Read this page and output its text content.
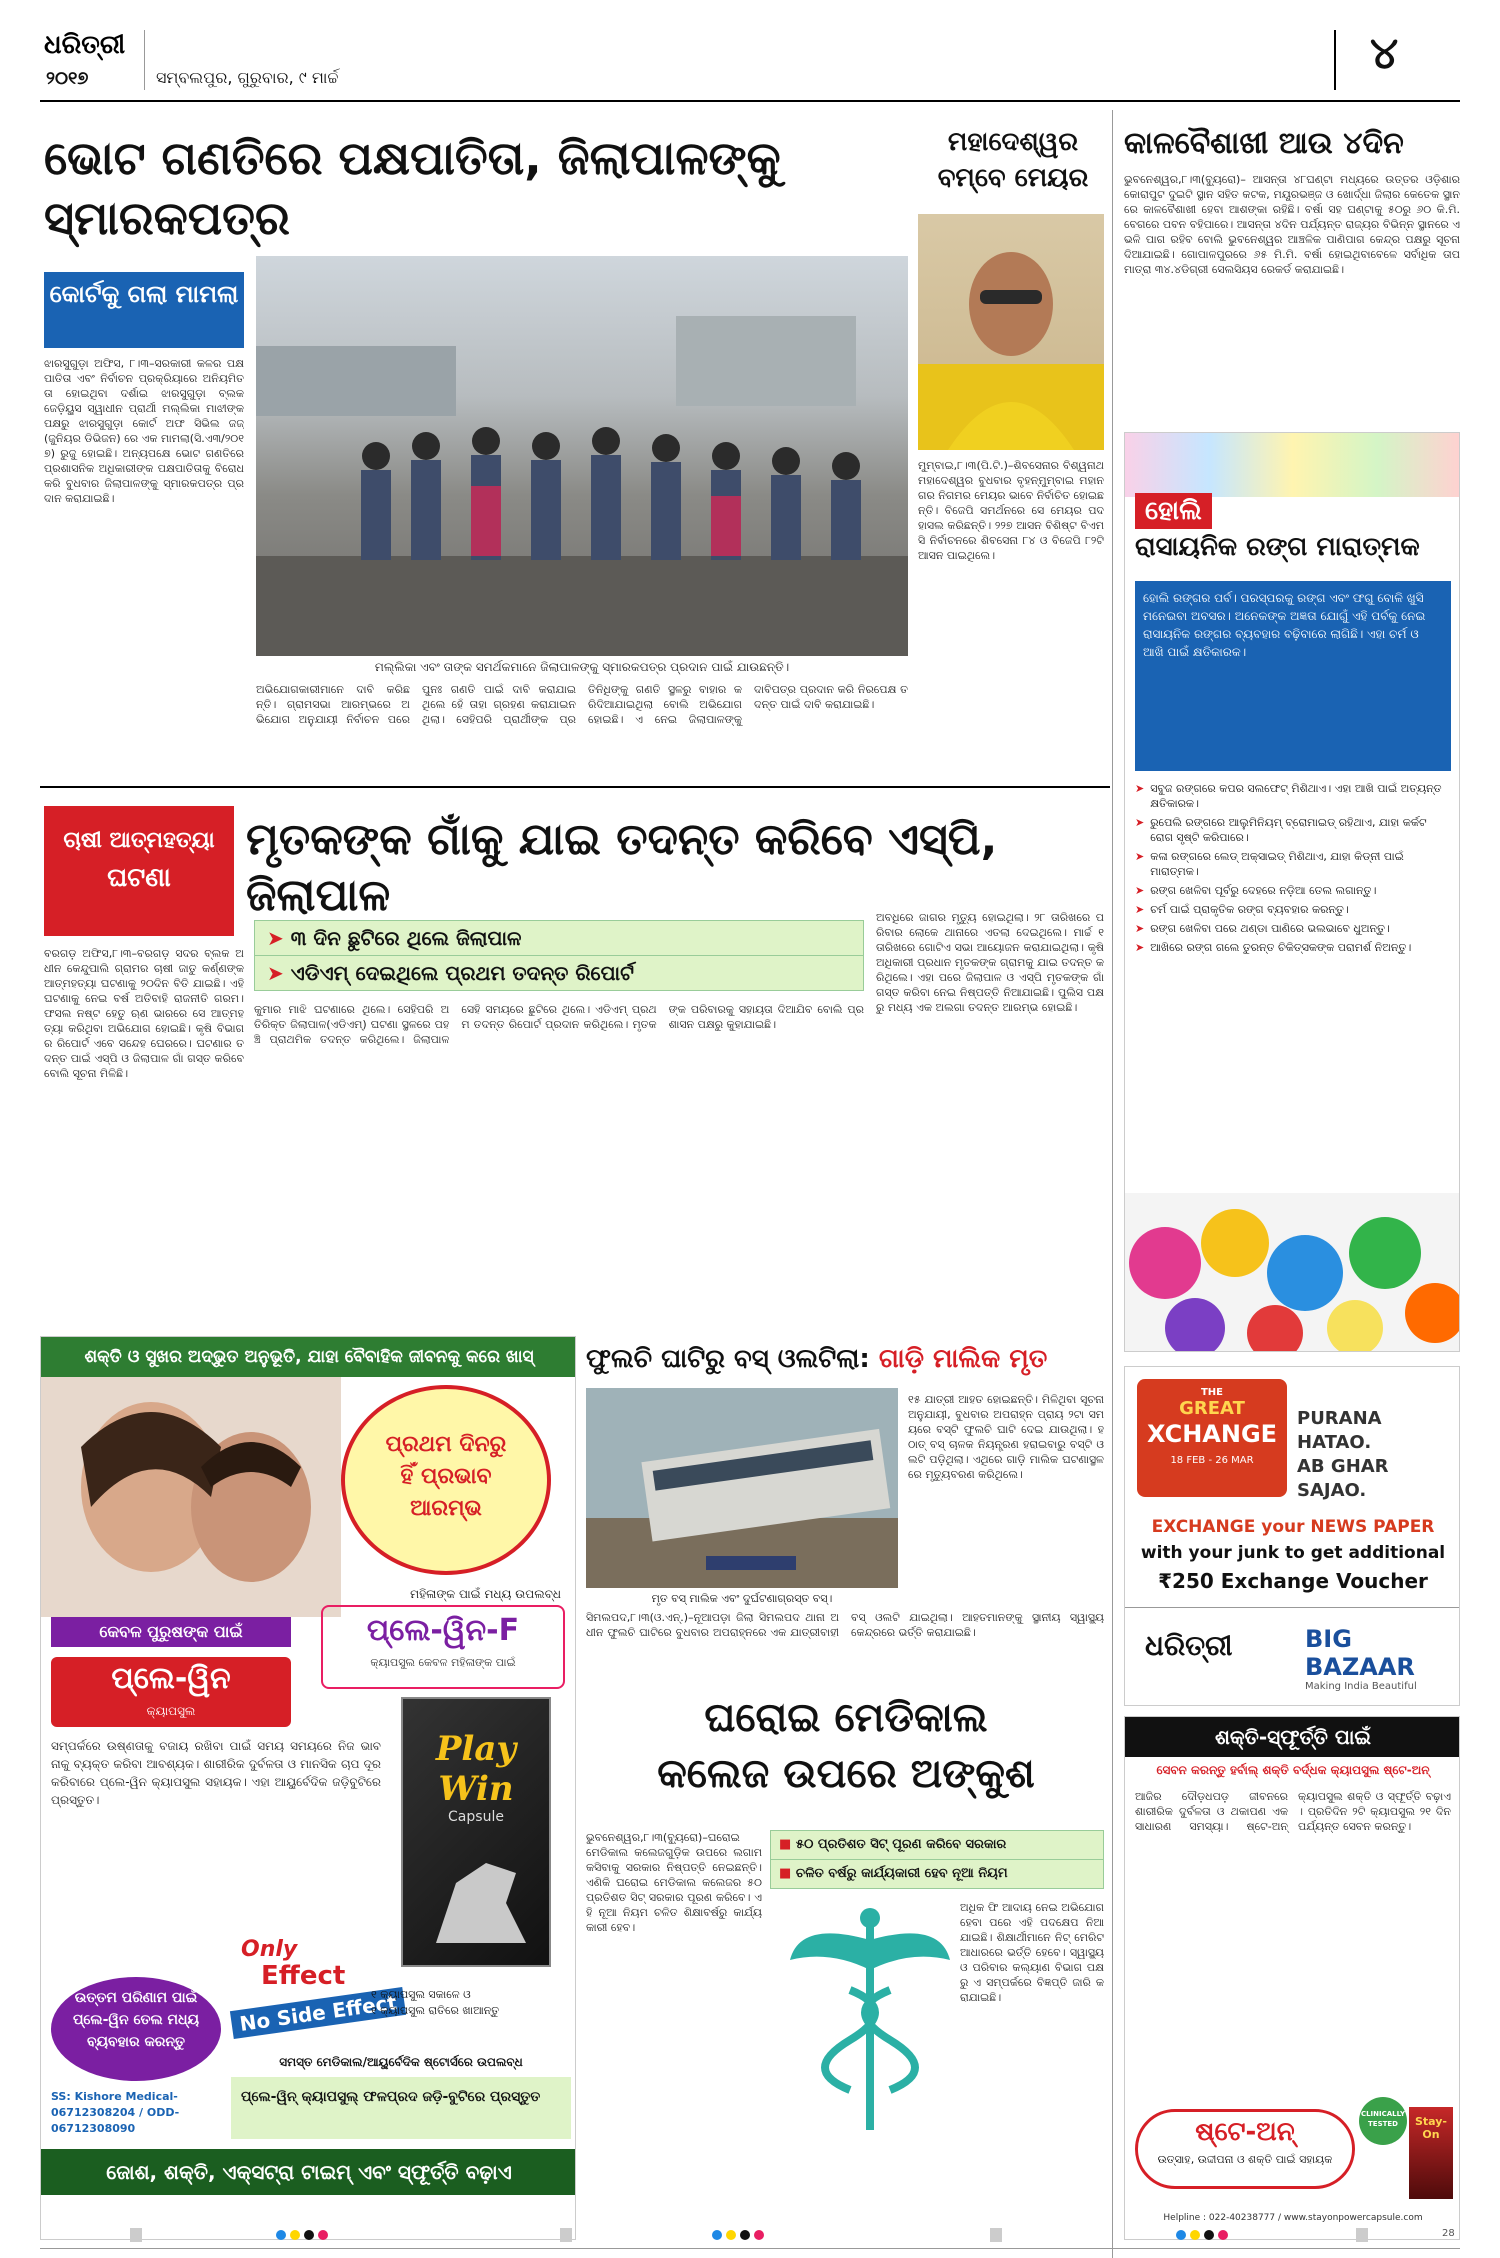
ଧରିତ୍ରୀ
୨୦୧୭	ସମ୍ବଲପୁର, ଗୁରୁବାର, ୯ ମାର୍ଚ୍ଚ	୪
ଭୋଟ ଗଣତିରେ ପକ୍ଷପାତିତା, ଜିଲାପାଳଙ୍କୁ ସ୍ମାରକପତ୍ର
କୋର୍ଟକୁ ଗଲା ମାମଲା
ମଲ୍ଲିକା ଏବଂ ତାଙ୍କ ସମର୍ଥକମାନେ ଜିଲାପାଳଙ୍କୁ ସ୍ମାରକପତ୍ର ପ୍ରଦାନ ପାଇଁ ଯାଉଛନ୍ତି।
ଝାରସୁଗୁଡ଼ା ଅଫିସ, ୮।୩–ସରକାରୀ କଳର ପକ୍ଷପାତିତା ଏବଂ ନିର୍ବାଚନ ପ୍ରକ୍ରିୟାରେ ଅନିୟମିତତା ହୋଇଥିବା ଦର୍ଶାଇ ଝାରସୁଗୁଡ଼ା ବ୍ଲକ ଜେଡ଼ିୟୁସ ସ୍ୱାଧୀନ ପ୍ରାର୍ଥୀ ମଲ୍ଲିକା ମାଝୀଙ୍କ ପକ୍ଷରୁ ଝାରସୁଗୁଡ଼ା କୋର୍ଟ ଅଫ ସିଭିଲ ଜଜ୍ (ଜୁନିୟର ଡିଭିଜନ) ରେ ଏକ ମାମଲା(ସି.ଏ୩/୨୦୧୭) ରୁଜୁ ହୋଇଛି। ଅନ୍ୟପକ୍ଷେ ଭୋଟ ଗଣତିରେ ପ୍ରଶାସନିକ ଅଧିକାରୀଙ୍କ ପକ୍ଷପାତିତାକୁ ବିରୋଧ କରି ବୁଧବାର ଜିଲାପାଳଙ୍କୁ ସ୍ମାରକପତ୍ର ପ୍ରଦାନ କରାଯାଇଛି।
ଅଭିଯୋଗକାରୀମାନେ ଦାବି କରିଛନ୍ତି। ଗ୍ରାମସଭା ଆରମ୍ଭରେ ଅଭିଯୋଗ ଅନୁଯାୟୀ ନିର୍ବାଚନ ପରେ ପୁନଃ ଗଣତି ପାଇଁ ଦାବି କରାଯାଇଥିଲେ ହେଁ ତାହା ଗ୍ରହଣ କରାଯାଇନଥିଲା। ସେହିପରି ପ୍ରାର୍ଥୀଙ୍କ ପ୍ରତିନିଧିଙ୍କୁ ଗଣତି ସ୍ଥଳରୁ ବାହାର କରିଦିଆଯାଇଥିଲା ବୋଲି ଅଭିଯୋଗ ହୋଇଛି। ଏ ନେଇ ଜିଲାପାଳଙ୍କୁ ଦାବିପତ୍ର ପ୍ରଦାନ କରି ନିରପେକ୍ଷ ତଦନ୍ତ ପାଇଁ ଦାବି କରାଯାଇଛି।
ମହାଦେଶ୍ୱର
ବମ୍ବେ ମେୟର
ମୁମ୍ବାଇ,୮।୩(ପି.ଟି.)–ଶିବସେନାର ବିଶ୍ୱନାଥ ମହାଦେଶ୍ୱର ବୁଧବାର ବୃହନ୍ମୁମ୍ବାଇ ମହାନଗର ନିଗମର ମେୟର ଭାବେ ନିର୍ବାଚିତ ହୋଇଛନ୍ତି। ବିଜେପି ସମର୍ଥନରେ ସେ ମେୟର ପଦ ହାସଲ କରିଛନ୍ତି। ୨୨୭ ଆସନ ବିଶିଷ୍ଟ ବିଏମସି ନିର୍ବାଚନରେ ଶିବସେନା ୮୪ ଓ ବିଜେପି ୮୨ଟି ଆସନ ପାଇଥିଲେ।
କାଳବୈଶାଖୀ ଆଉ ୪ଦିନ
ଭୁବନେଶ୍ୱର,୮।୩(ବ୍ୟୁରୋ)– ଆସନ୍ତା ୪୮ଘଣ୍ଟା ମଧ୍ୟରେ ଉତ୍ତର ଓଡ଼ିଶାର କୋରାପୁଟ ଦୁଇଟି ସ୍ଥାନ ସହିତ କଟକ, ମୟୂରଭଞ୍ଜ ଓ ଖୋର୍ଦ୍ଧା ଜିଲାର କେତେକ ସ୍ଥାନରେ କାଳବୈଶାଖୀ ହେବା ଆଶଙ୍କା ରହିଛି। ବର୍ଷା ସହ ଘଣ୍ଟାକୁ ୫୦ରୁ ୬୦ କି.ମି. ବେଗରେ ପବନ ବହିପାରେ। ଆସନ୍ତା ୪ଦିନ ପର୍ଯ୍ୟନ୍ତ ରାଜ୍ୟର ବିଭିନ୍ନ ସ୍ଥାନରେ ଏଭଳି ପାଗ ରହିବ ବୋଲି ଭୁବନେଶ୍ୱର ଆଞ୍ଚଳିକ ପାଣିପାଗ କେନ୍ଦ୍ର ପକ୍ଷରୁ ସୂଚନା ଦିଆଯାଇଛି। ଗୋପାଳପୁରରେ ୬୫ ମି.ମି. ବର୍ଷା ହୋଇଥିବାବେଳେ ସର୍ବାଧିକ ତାପମାତ୍ରା ୩୪.୪ଡିଗ୍ରୀ ସେଲସିୟସ ରେକର୍ଡ କରାଯାଇଛି।
ହୋଲି
ରାସାୟନିକ ରଙ୍ଗ ମାରାତ୍ମକ
ହୋଲି ରଙ୍ଗର ପର୍ବ। ପରସ୍ପରକୁ ରଙ୍ଗ ଏବଂ ଫଗୁ ବୋଳି ଖୁସି ମନେଇବା ଅବସର। ଅନେକଙ୍କ ଅଜ୍ଞତା ଯୋଗୁଁ ଏହି ପର୍ବକୁ ନେଇ ରାସାୟନିକ ରଙ୍ଗର ବ୍ୟବହାର ବଢ଼ିବାରେ ଲାଗିଛି। ଏହା ଚର୍ମ ଓ ଆଖି ପାଇଁ କ୍ଷତିକାରକ।
➤ ସବୁଜ ରଙ୍ଗରେ କପର ସଲଫେଟ୍ ମିଶିଥାଏ। ଏହା ଆଖି ପାଇଁ ଅତ୍ୟନ୍ତ କ୍ଷତିକାରକ।
➤ ରୁପେଲି ରଙ୍ଗରେ ଆଲୁମିନିୟମ୍ ବ୍ରୋମାଇଡ୍ ରହିଥାଏ, ଯାହା କର୍କଟ ରୋଗ ସୃଷ୍ଟି କରିପାରେ।
➤ କଳା ରଙ୍ଗରେ ଲେଡ୍ ଅକ୍ସାଇଡ୍ ମିଶିଥାଏ, ଯାହା କିଡ୍ନୀ ପାଇଁ ମାରାତ୍ମକ।
➤ ରଙ୍ଗ ଖେଳିବା ପୂର୍ବରୁ ଦେହରେ ନଡ଼ିଆ ତେଲ ଲଗାନ୍ତୁ।
➤ ଚର୍ମ ପାଇଁ ପ୍ରାକୃତିକ ରଙ୍ଗ ବ୍ୟବହାର କରନ୍ତୁ।
➤ ରଙ୍ଗ ଖେଳିବା ପରେ ଥଣ୍ଡା ପାଣିରେ ଭଲଭାବେ ଧୁଅନ୍ତୁ।
➤ ଆଖିରେ ରଙ୍ଗ ଗଲେ ତୁରନ୍ତ ଚିକିତ୍ସକଙ୍କ ପରାମର୍ଶ ନିଅନ୍ତୁ।
ଚାଷୀ ଆତ୍ମହତ୍ୟା
ଘଟଣା
ମୃତକଙ୍କ ଗାଁକୁ ଯାଇ ତଦନ୍ତ କରିବେ ଏସ୍‌ପି, ଜିଲାପାଳ
➤ ୩ ଦିନ ଛୁଟିରେ ଥିଲେ ଜିଲାପାଳ
➤ ଏଡିଏମ୍ ଦେଇଥିଲେ ପ୍ରଥମ ତଦନ୍ତ ରିପୋର୍ଟ
ବରଗଡ଼ ଅଫିସ,୮।୩–ବରଗଡ଼ ସଦର ବ୍ଲକ ଅଧୀନ କେନ୍ଦୁପାଲି ଗ୍ରାମର ଚାଷୀ ଜାତୁ କର୍ଣ୍ଣଙ୍କ ଆତ୍ମହତ୍ୟା ଘଟଣାକୁ ୨୦ଦିନ ବିତି ଯାଇଛି। ଏହି ଘଟଣାକୁ ନେଇ ବର୍ଷ ଅତିବାହି ରାଜନୀତି ଗରମ। ଫସଲ ନଷ୍ଟ ହେତୁ ଋଣ ଭାରରେ ସେ ଆତ୍ମହତ୍ୟା କରିଥିବା ଅଭିଯୋଗ ହୋଇଛି। କୃଷି ବିଭାଗର ରିପୋର୍ଟ ଏବେ ସନ୍ଦେହ ଘେରରେ। ଘଟଣାର ତଦନ୍ତ ପାଇଁ ଏସ୍‌ପି ଓ ଜିଲାପାଳ ଗାଁ ଗସ୍ତ କରିବେ ବୋଲି ସୂଚନା ମିଳିଛି।
କୁମାର ମାଝି ଘଟଣାରେ ଥିଲେ। ସେହିପରି ଅତିରିକ୍ତ ଜିଲାପାଳ(ଏଡିଏମ୍) ଘଟଣା ସ୍ଥଳରେ ପହଞ୍ଚି ପ୍ରାଥମିକ ତଦନ୍ତ କରିଥିଲେ। ଜିଲାପାଳ ସେହି ସମୟରେ ଛୁଟିରେ ଥିଲେ। ଏଡିଏମ୍ ପ୍ରଥମ ତଦନ୍ତ ରିପୋର୍ଟ ପ୍ରଦାନ କରିଥିଲେ। ମୃତକଙ୍କ ପରିବାରକୁ ସହାୟତା ଦିଆଯିବ ବୋଲି ପ୍ରଶାସନ ପକ୍ଷରୁ କୁହାଯାଇଛି।
ଅବଧିରେ ଜାଗର ମୃତ୍ୟୁ ହୋଇଥିଲା। ୨୮ ତାରିଖରେ ପରିବାର ଲୋକେ ଥାନାରେ ଏତଲା ଦେଇଥିଲେ। ମାର୍ଚ୍ଚ ୧ ତାରିଖରେ ଗୋଟିଏ ସଭା ଆୟୋଜନ କରାଯାଇଥିଲା। କୃଷି ଅଧିକାରୀ ପ୍ରଧାନ ମୃତକଙ୍କ ଗ୍ରାମକୁ ଯାଇ ତଦନ୍ତ କରିଥିଲେ। ଏହା ପରେ ଜିଲାପାଳ ଓ ଏସ୍‌ପି ମୃତକଙ୍କ ଗାଁ ଗସ୍ତ କରିବା ନେଇ ନିଷ୍ପତ୍ତି ନିଆଯାଇଛି। ପୁଲିସ ପକ୍ଷରୁ ମଧ୍ୟ ଏକ ଅଲଗା ତଦନ୍ତ ଆରମ୍ଭ ହୋଇଛି।
ଶକ୍ତି ଓ ସୁଖର ଅଦ୍ଭୁତ ଅନୁଭୂତି, ଯାହା ବୈବାହିକ ଜୀବନକୁ କରେ ଖାସ୍
ପ୍ରଥମ ଦିନରୁ
ହିଁ ପ୍ରଭାବ
ଆରମ୍ଭ
ମହିଳାଙ୍କ ପାଇଁ ମଧ୍ୟ ଉପଲବ୍ଧ
କେବଳ ପୁରୁଷଙ୍କ ପାଇଁ	ପ୍ଲେ-ୱିନ-F
କ୍ୟାପସୁଲ କେବଳ ମହିଳାଙ୍କ ପାଇଁ
ପ୍ଲେ-ୱିନ
କ୍ୟାପସୁଲ
Play
Win
Capsule
ସମ୍ପର୍କରେ ଉଷ୍ଣତାକୁ ବଜାୟ ରଖିବା ପାଇଁ ସମୟ ସମୟରେ ନିଜ ଭାବନାକୁ ବ୍ୟକ୍ତ କରିବା ଆବଶ୍ୟକ। ଶାରୀରିକ ଦୁର୍ବଳତା ଓ ମାନସିକ ଚାପ ଦୂର କରିବାରେ ପ୍ଲେ-ୱିନ କ୍ୟାପସୁଲ ସହାୟକ। ଏହା ଆୟୁର୍ବେଦିକ ଜଡ଼ିବୁଟିରେ ପ୍ରସ୍ତୁତ।
Only
Effect
No Side Effect
ଉତ୍ତମ ପରିଣାମ ପାଇଁ ପ୍ଲେ-ୱିନ ତେଲ ମଧ୍ୟ ବ୍ୟବହାର କରନ୍ତୁ
୧ କ୍ୟାପସୁଲ ସକାଳେ ଓ
୧ କ୍ୟାପସୁଲ ରାତିରେ ଖାଆନ୍ତୁ
ସମସ୍ତ ମେଡିକାଲ/ଆୟୁର୍ବେଦିକ ଷ୍ଟୋର୍ସରେ ଉପଲବ୍ଧ
ପ୍ଲେ-ୱିନ୍ କ୍ୟାପସୁଲ୍ ଫଳପ୍ରଦ ଜଡ଼ି-ବୁଟିରେ ପ୍ରସ୍ତୁତ
SS: Kishore Medical-
06712308204 / ODD-06712308090
ଜୋଶ, ଶକ୍ତି, ଏକ୍ସଟ୍ରା ଟାଇମ୍ ଏବଂ ସ୍ଫୂର୍ତ୍ତି ବଢ଼ାଏ
ଫୁଲଚି ଘାଟିରୁ ବସ୍ ଓଲଟିଲା: ଗାଡ଼ି ମାଲିକ ମୃତ
ମୃତ ବସ୍ ମାଲିକ ଏବଂ ଦୁର୍ଘଟଣାଗ୍ରସ୍ତ ବସ୍।
୧୫ ଯାତ୍ରୀ ଆହତ ହୋଇଛନ୍ତି। ମିଳିଥିବା ସୂଚନା ଅନୁଯାୟୀ, ବୁଧବାର ଅପରାହ୍ନ ପ୍ରାୟ ୨ଟା ସମୟରେ ବସ୍‌ଟି ଫୁଲଚି ଘାଟି ଦେଇ ଯାଉଥିଲା। ହଠାତ୍ ବସ୍ ଚାଳକ ନିୟନ୍ତ୍ରଣ ହରାଇବାରୁ ବସ୍‌ଟି ଓଲଟି ପଡ଼ିଥିଲା। ଏଥିରେ ଗାଡ଼ି ମାଲିକ ଘଟଣାସ୍ଥଳରେ ମୃତ୍ୟୁବରଣ କରିଥିଲେ।
ସିମଲପଦ,୮।୩(ଓ.ଏନ୍‌.)–ନୂଆପଡ଼ା ଜିଲା ସିମଲପଦ ଥାନା ଅଧୀନ ଫୁଲଚି ଘାଟିରେ ବୁଧବାର ଅପରାହ୍ନରେ ଏକ ଯାତ୍ରୀବାହୀ ବସ୍ ଓଲଟି ଯାଇଥିଲା। ଆହତମାନଙ୍କୁ ସ୍ଥାନୀୟ ସ୍ୱାସ୍ଥ୍ୟକେନ୍ଦ୍ରରେ ଭର୍ତ୍ତି କରାଯାଇଛି।
ଘରୋଇ ମେଡିକାଲ
କଲେଜ ଉପରେ ଅଙ୍କୁଶ
■ ୫୦ ପ୍ରତିଶତ ସିଟ୍ ପୂରଣ କରିବେ ସରକାର
■ ଚଳିତ ବର୍ଷରୁ କାର୍ଯ୍ୟକାରୀ ହେବ ନୂଆ ନିୟମ
ଭୁବନେଶ୍ୱର,୮।୩(ବ୍ୟୁରୋ)–ଘରୋଇ ମେଡିକାଲ କଲେଜଗୁଡ଼ିକ ଉପରେ ଲଗାମ କସିବାକୁ ସରକାର ନିଷ୍ପତ୍ତି ନେଇଛନ୍ତି। ଏଣିକି ଘରୋଇ ମେଡିକାଲ କଲେଜର ୫୦ ପ୍ରତିଶତ ସିଟ୍ ସରକାର ପୂରଣ କରିବେ। ଏହି ନୂଆ ନିୟମ ଚଳିତ ଶିକ୍ଷାବର୍ଷରୁ କାର୍ଯ୍ୟକାରୀ ହେବ।
ଅଧିକ ଫି ଆଦାୟ ନେଇ ଅଭିଯୋଗ ହେବା ପରେ ଏହି ପଦକ୍ଷେପ ନିଆଯାଇଛି। ଶିକ୍ଷାର୍ଥୀମାନେ ନିଟ୍ ମେରିଟ ଆଧାରରେ ଭର୍ତ୍ତି ହେବେ। ସ୍ୱାସ୍ଥ୍ୟ ଓ ପରିବାର କଲ୍ୟାଣ ବିଭାଗ ପକ୍ଷରୁ ଏ ସମ୍ପର୍କରେ ବିଜ୍ଞପ୍ତି ଜାରି କରାଯାଇଛି।
THE
GREAT
XCHANGE
18 FEB - 26 MAR
PURANA HATAO.
AB GHAR SAJAO.
EXCHANGE your NEWS PAPER
with your junk to get additional
₹250 Exchange Voucher
ଧରିତ୍ରୀ	BIG BAZAAR
Making India Beautiful
ଶକ୍ତି-ସ୍ଫୂର୍ତ୍ତି ପାଇଁ
ସେବନ କରନ୍ତୁ ହର୍ବାଲ୍ ଶକ୍ତି ବର୍ଦ୍ଧକ କ୍ୟାପସୁଲ ଷ୍ଟେ-ଅନ୍
ଆଜିର ଦୌଡ଼ଧପଡ଼ ଜୀବନରେ ଶାରୀରିକ ଦୁର୍ବଳତା ଓ ଥକାପଣ ଏକ ସାଧାରଣ ସମସ୍ୟା। ଷ୍ଟେ-ଅନ୍ କ୍ୟାପସୁଲ ଶକ୍ତି ଓ ସ୍ଫୂର୍ତ୍ତି ବଢ଼ାଏ। ପ୍ରତିଦିନ ୨ଟି କ୍ୟାପସୁଲ ୨୧ ଦିନ ପର୍ଯ୍ୟନ୍ତ ସେବନ କରନ୍ତୁ।
ଷ୍ଟେ-ଅନ୍
ଉତ୍ସାହ, ଉଦ୍ଦୀପନା ଓ ଶକ୍ତି ପାଇଁ ସହାୟକ
CLINICALLY TESTED	Stay-On
Helpline : 022-40238777 / www.stayonpowercapsule.com
28
